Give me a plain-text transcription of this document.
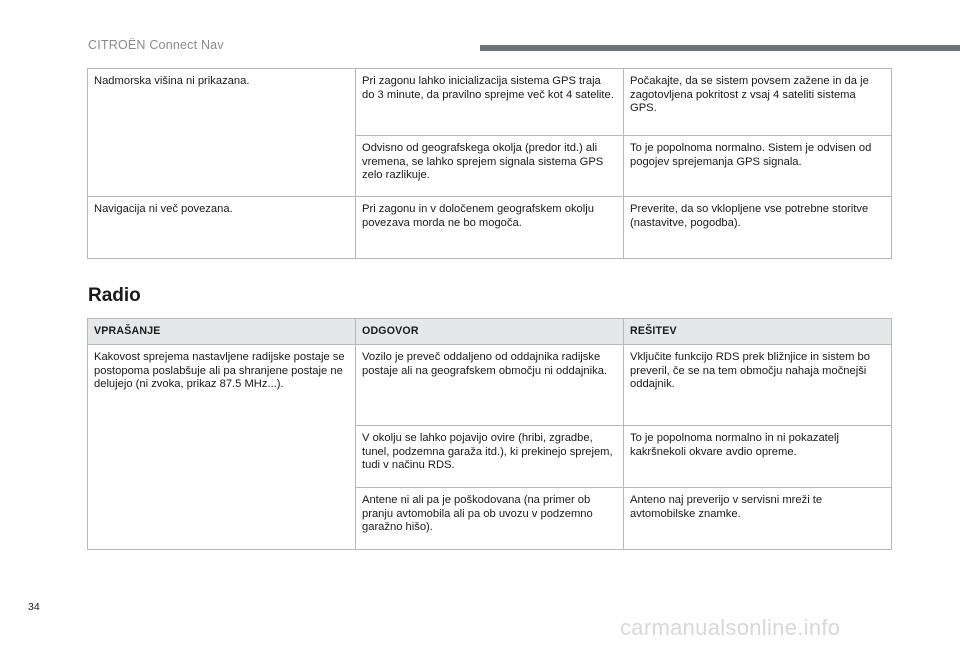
CITROËN Connect Nav
Nadmorska višina ni prikazana.	Pri zagonu lahko inicializacija sistema GPS traja do 3 minute, da pravilno sprejme več kot 4 satelite.	Počakajte, da se sistem povsem zažene in da je zagotovljena pokritost z vsaj 4 sateliti sistema GPS.
	Odvisno od geografskega okolja (predor itd.) ali vremena, se lahko sprejem signala sistema GPS zelo razlikuje.	To je popolnoma normalno. Sistem je odvisen od pogojev sprejemanja GPS signala.
Navigacija ni več povezana.	Pri zagonu in v določenem geografskem okolju povezava morda ne bo mogoča.	Preverite, da so vklopljene vse potrebne storitve (nastavitve, pogodba).
Radio
VPRAŠANJE	ODGOVOR	REŠITEV
Kakovost sprejema nastavljene radijske postaje se postopoma poslabšuje ali pa shranjene postaje ne delujejo (ni zvoka, prikaz 87.5 MHz...).	Vozilo je preveč oddaljeno od oddajnika radijske postaje ali na geografskem območju ni oddajnika.	Vključite funkcijo RDS prek bližnjice in sistem bo preveril, če se na tem območju nahaja močnejši oddajnik.
	V okolju se lahko pojavijo ovire (hribi, zgradbe, tunel, podzemna garaža itd.), ki prekinejo sprejem, tudi v načinu RDS.	To je popolnoma normalno in ni pokazatelj kakršnekoli okvare avdio opreme.
	Antene ni ali pa je poškodovana (na primer ob pranju avtomobila ali pa ob uvozu v podzemno garažno hišo).	Anteno naj preverijo v servisni mreži te avtomobilske znamke.
34
carmanualsonline.info
